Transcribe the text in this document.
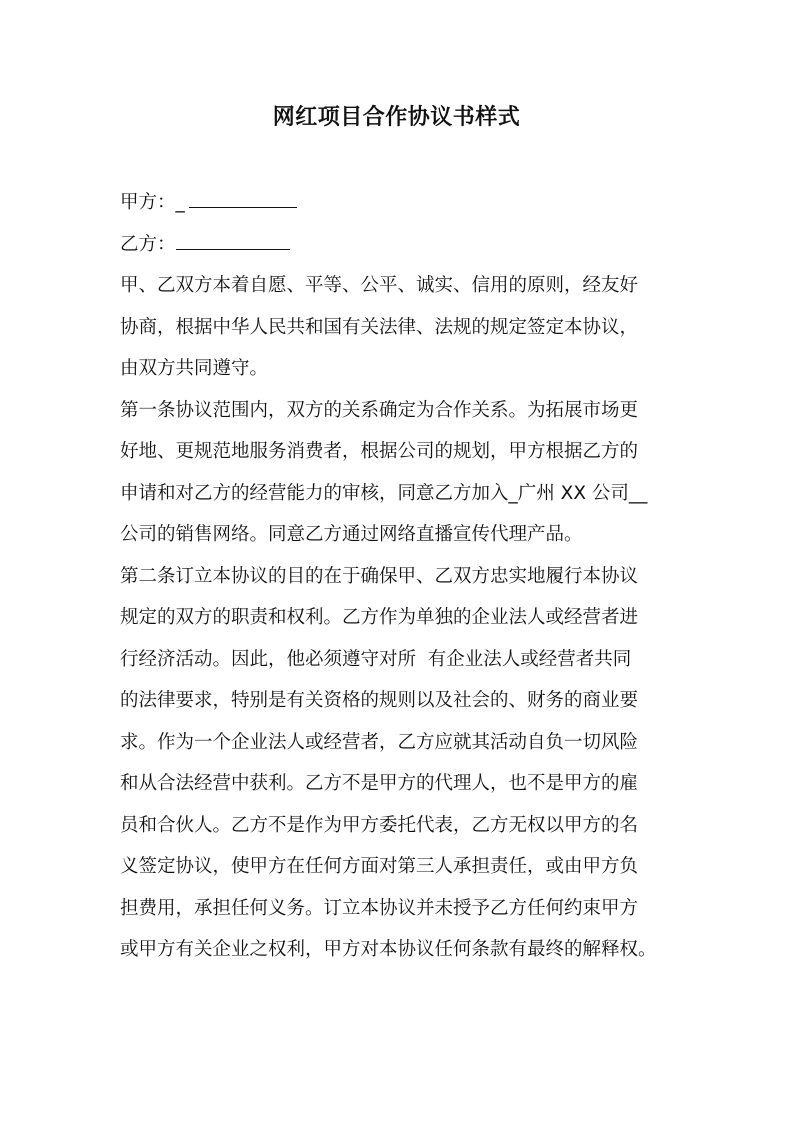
网红项目合作协议书样式
甲方：_
乙方：
甲、乙双方本着自愿、平等、公平、诚实、信用的原则，经友好
协商，根据中华人民共和国有关法律、法规的规定签定本协议，
由双方共同遵守。
第一条协议范围内，双方的关系确定为合作关系。为拓展市场更
好地、更规范地服务消费者，根据公司的规划，甲方根据乙方的
申请和对乙方的经营能力的审核，同意乙方加入_广州 XX 公司__
公司的销售网络。同意乙方通过网络直播宣传代理产品。
第二条订立本协议的目的在于确保甲、乙双方忠实地履行本协议
规定的双方的职责和权利。乙方作为单独的企业法人或经营者进
行经济活动。因此，他必须遵守对所  有企业法人或经营者共同
的法律要求，特别是有关资格的规则以及社会的、财务的商业要
求。作为一个企业法人或经营者，乙方应就其活动自负一切风险
和从合法经营中获利。乙方不是甲方的代理人，也不是甲方的雇
员和合伙人。乙方不是作为甲方委托代表，乙方无权以甲方的名
义签定协议，使甲方在任何方面对第三人承担责任，或由甲方负
担费用，承担任何义务。订立本协议并未授予乙方任何约束甲方
或甲方有关企业之权利，甲方对本协议任何条款有最终的解释权。
